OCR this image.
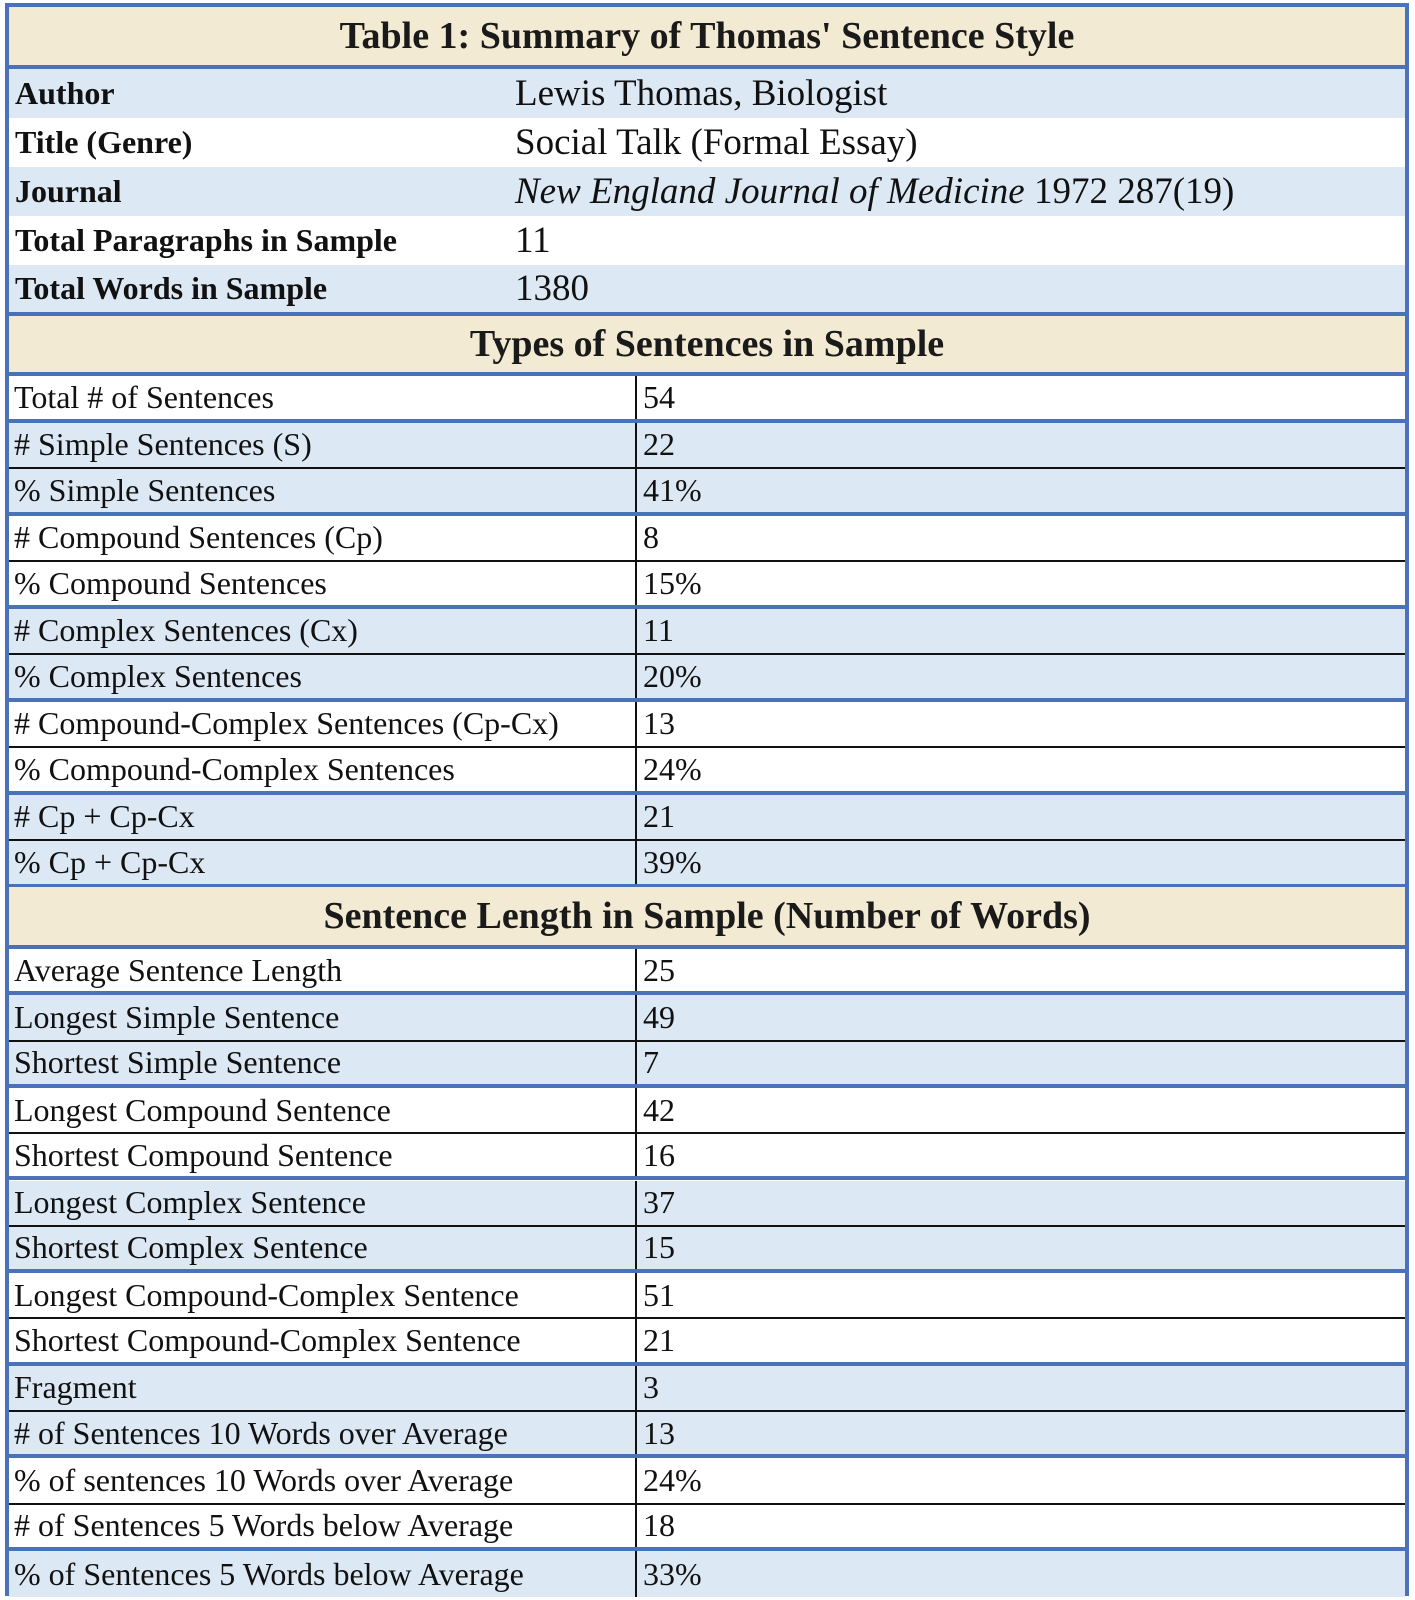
Table 1: Summary of Thomas' Sentence Style
Author	Lewis Thomas, Biologist
Title (Genre)	Social Talk (Formal Essay)
Journal	New England Journal of Medicine 1972 287(19)
Total Paragraphs in Sample	11
Total Words in Sample	1380
Types of Sentences in Sample
Total # of Sentences	54
# Simple Sentences (S)	22
% Simple Sentences	41%
# Compound Sentences (Cp)	8
% Compound Sentences	15%
# Complex Sentences (Cx)	11
% Complex Sentences	20%
# Compound-Complex Sentences (Cp-Cx)	13
% Compound-Complex Sentences	24%
# Cp + Cp-Cx	21
% Cp + Cp-Cx	39%
Sentence Length in Sample (Number of Words)
Average Sentence Length	25
Longest Simple Sentence	49
Shortest Simple Sentence	7
Longest Compound Sentence	42
Shortest Compound Sentence	16
Longest Complex Sentence	37
Shortest Complex Sentence	15
Longest Compound-Complex Sentence	51
Shortest Compound-Complex Sentence	21
Fragment	3
# of Sentences 10 Words over Average	13
% of sentences 10 Words over Average	24%
# of Sentences 5 Words below Average	18
% of Sentences 5 Words below Average	33%
